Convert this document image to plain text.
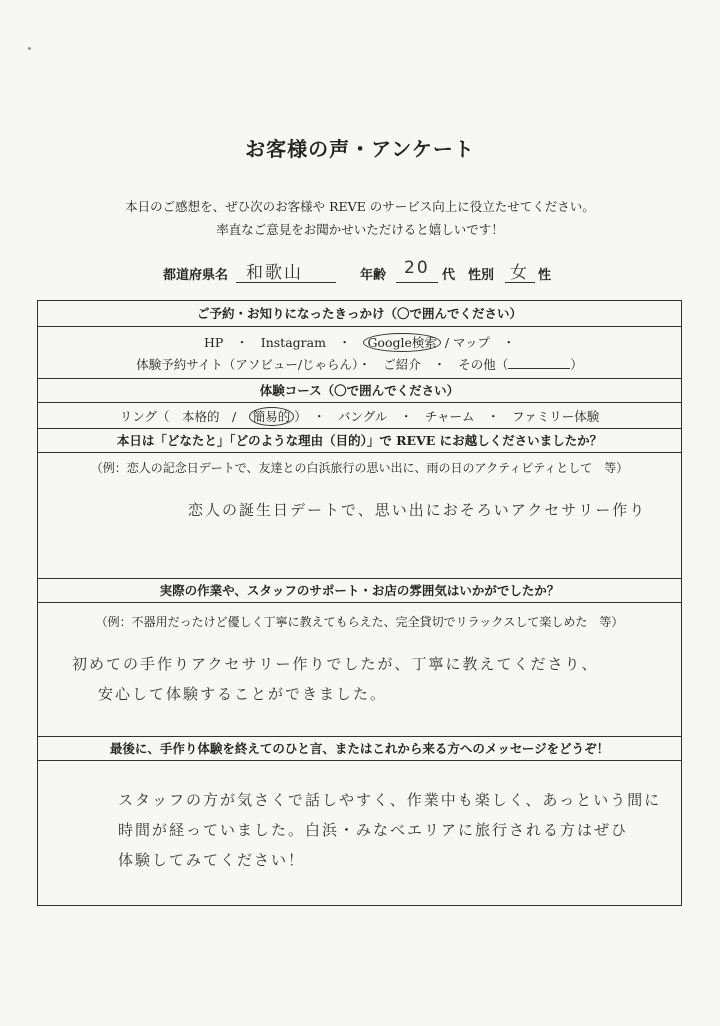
お客様の声・アンケート
本日のご感想を、ぜひ次のお客様や REVE のサービス向上に役立たせてください。
率直なご意見をお聞かせいただけると嬉しいです！
都道府県名 和歌山	年齢 20 代 性別 女 性
ご予約・お知りになったきっかけ（〇で囲んでください）
HP　・　Instagram　・　Google検索 / マップ　・
体験予約サイト（アソビュー/じゃらん）・　ご紹介　・　その他（	）
体験コース（〇で囲んでください）
リング（　本格的　/　簡易的 ）　・　バングル　・　チャーム　・　ファミリー体験
本日は「どなたと」「どのような理由（目的）」で REVE にお越しくださいましたか？
（例：恋人の記念日デートで、友達との白浜旅行の思い出に、雨の日のアクティビティとして　等）
恋人の誕生日デートで、思い出におそろいアクセサリー作り
実際の作業や、スタッフのサポート・お店の雰囲気はいかがでしたか？
（例：不器用だったけど優しく丁寧に教えてもらえた、完全貸切でリラックスして楽しめた　等）
初めての手作りアクセサリー作りでしたが、丁寧に教えてくださり、
安心して体験することができました。
最後に、手作り体験を終えてのひと言、またはこれから来る方へのメッセージをどうぞ！
スタッフの方が気さくで話しやすく、作業中も楽しく、あっという間に
時間が経っていました。白浜・みなべエリアに旅行される方はぜひ
体験してみてください！
